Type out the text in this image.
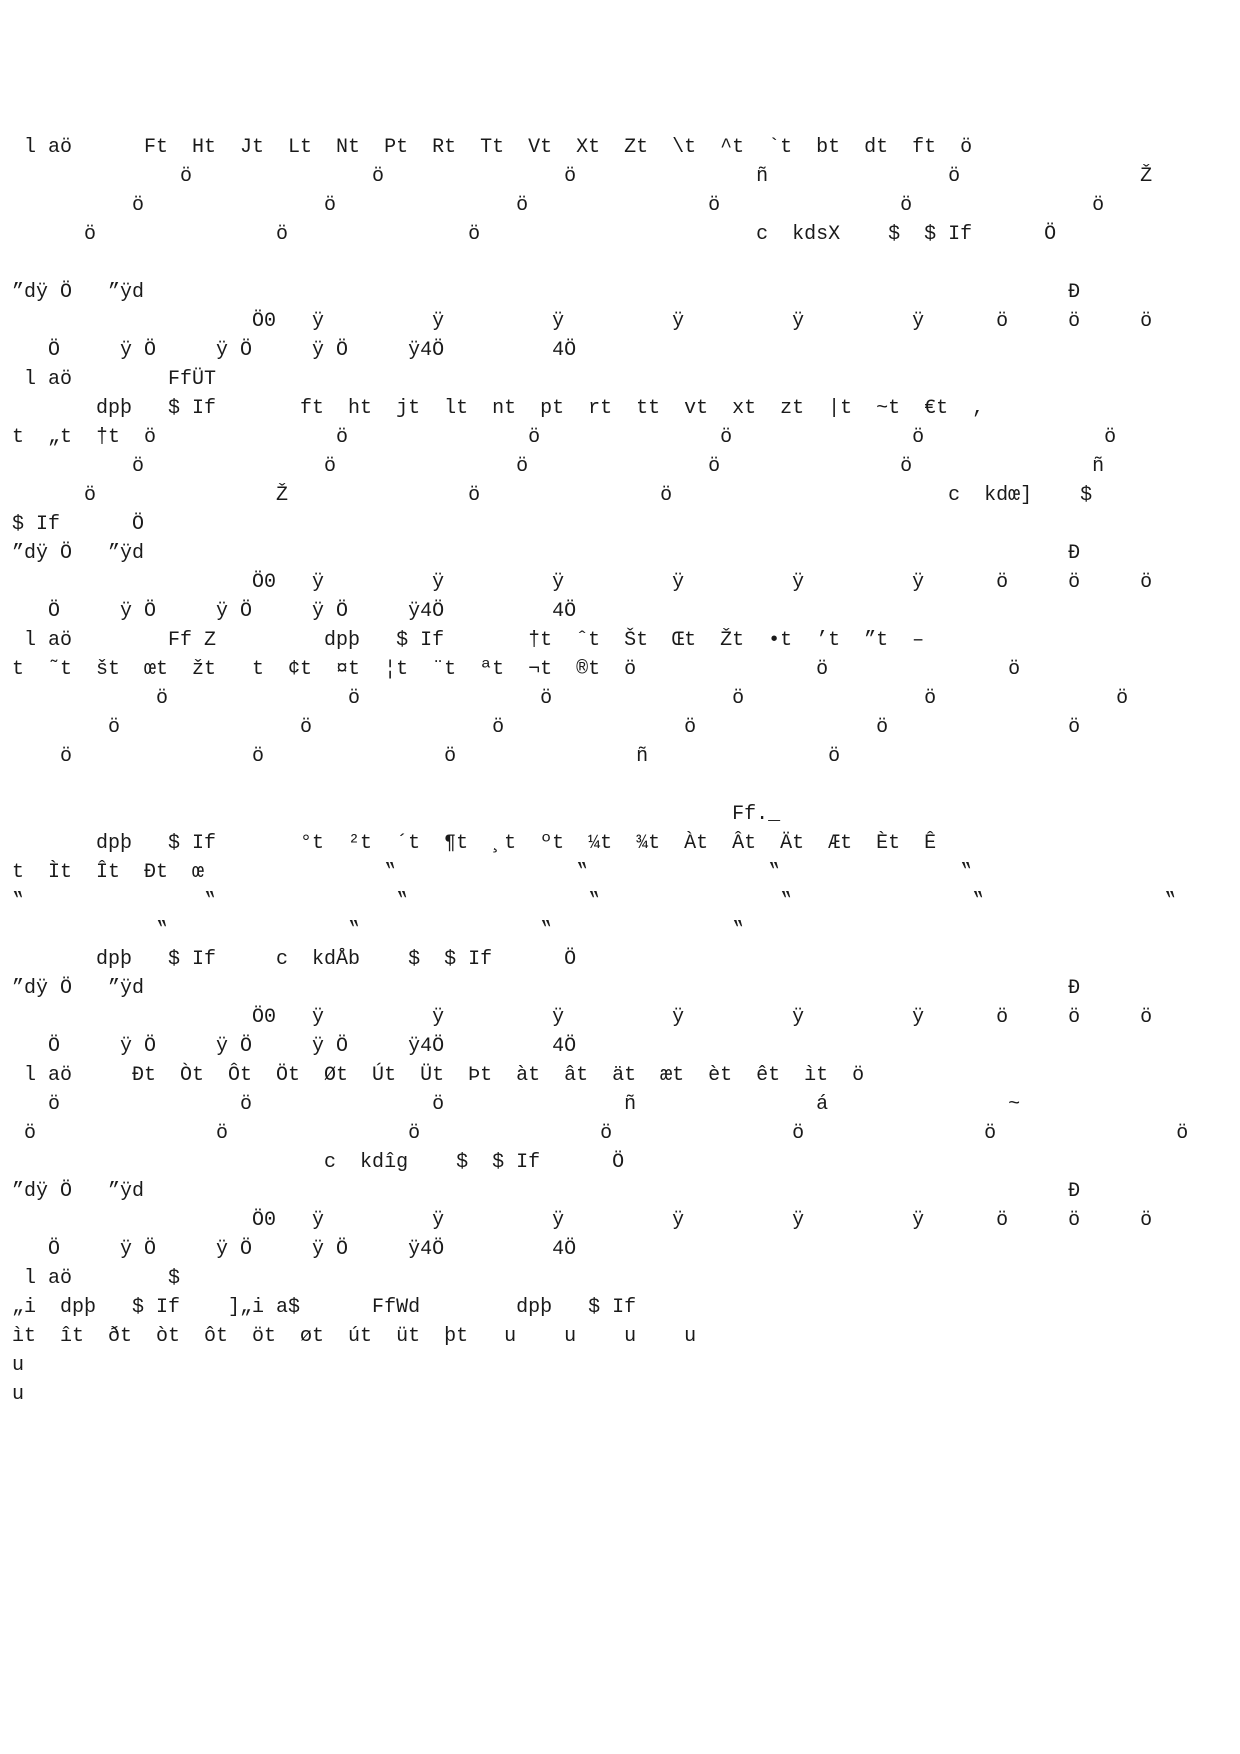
l aö      Ft  Ht  Jt  Lt  Nt  Pt  Rt  Tt  Vt  Xt  Zt  \t  ^t  `t  bt  dt  ft  ö
ö               ö               ö               ñ               ö               Ž
ö               ö               ö               ö               ö               ö
ö               ö               ö                       c  kdsX    $  $ If      Ö
”dÿ Ö   ”ÿd                                                                             Ð
Ö0   ÿ         ÿ         ÿ         ÿ         ÿ         ÿ      ö     ö     ö
Ö     ÿ Ö     ÿ Ö     ÿ Ö     ÿ4Ö         4Ö
l aö        FfÜT
dpþ   $ If       ft  ht  jt  lt  nt  pt  rt  tt  vt  xt  zt  |t  ~t  €t  ,
t  „t  †t  ö               ö               ö               ö               ö               ö
ö               ö               ö               ö               ö               ñ
ö               Ž               ö               ö                       c  kdœ]    $
$ If      Ö
”dÿ Ö   ”ÿd                                                                             Ð
Ö0   ÿ         ÿ         ÿ         ÿ         ÿ         ÿ      ö     ö     ö
Ö     ÿ Ö     ÿ Ö     ÿ Ö     ÿ4Ö         4Ö
l aö        Ff Z         dpþ   $ If       †t  ˆt  Št  Œt  Žt  •t  ’t  ”t  –
t  ˜t  št  œt  žt   t  ¢t  ¤t  ¦t  ¨t  ªt  ¬t  ®t  ö               ö               ö
ö               ö               ö               ö               ö               ö
ö               ö               ö               ö               ö               ö
ö               ö               ö               ñ               ö
Ff._
dpþ   $ If       °t  ²t  ´t  ¶t  ¸t  ºt  ¼t  ¾t  Àt  Ât  Ät  Æt  Èt  Ê
t  Ìt  Ît  Ðt  œ               ‟               ‟               ‟               ‟
‟               ‟               ‟               ‟               ‟               ‟               ‟
‟               ‟               ‟               ‟
dpþ   $ If     c  kdÅb    $  $ If      Ö
”dÿ Ö   ”ÿd                                                                             Ð
Ö0   ÿ         ÿ         ÿ         ÿ         ÿ         ÿ      ö     ö     ö
Ö     ÿ Ö     ÿ Ö     ÿ Ö     ÿ4Ö         4Ö
l aö     Ðt  Òt  Ôt  Öt  Øt  Út  Üt  Þt  àt  ât  ät  æt  èt  êt  ìt  ö
ö               ö               ö               ñ               á               ~
ö               ö               ö               ö               ö               ö               ö
c  kdîg    $  $ If      Ö
”dÿ Ö   ”ÿd                                                                             Ð
Ö0   ÿ         ÿ         ÿ         ÿ         ÿ         ÿ      ö     ö     ö
Ö     ÿ Ö     ÿ Ö     ÿ Ö     ÿ4Ö         4Ö
l aö        $
„i  dpþ   $ If    ]„i a$      FfWd        dpþ   $ If
ìt  ît  ðt  òt  ôt  öt  øt  út  üt  þt   u    u    u    u
u
u
